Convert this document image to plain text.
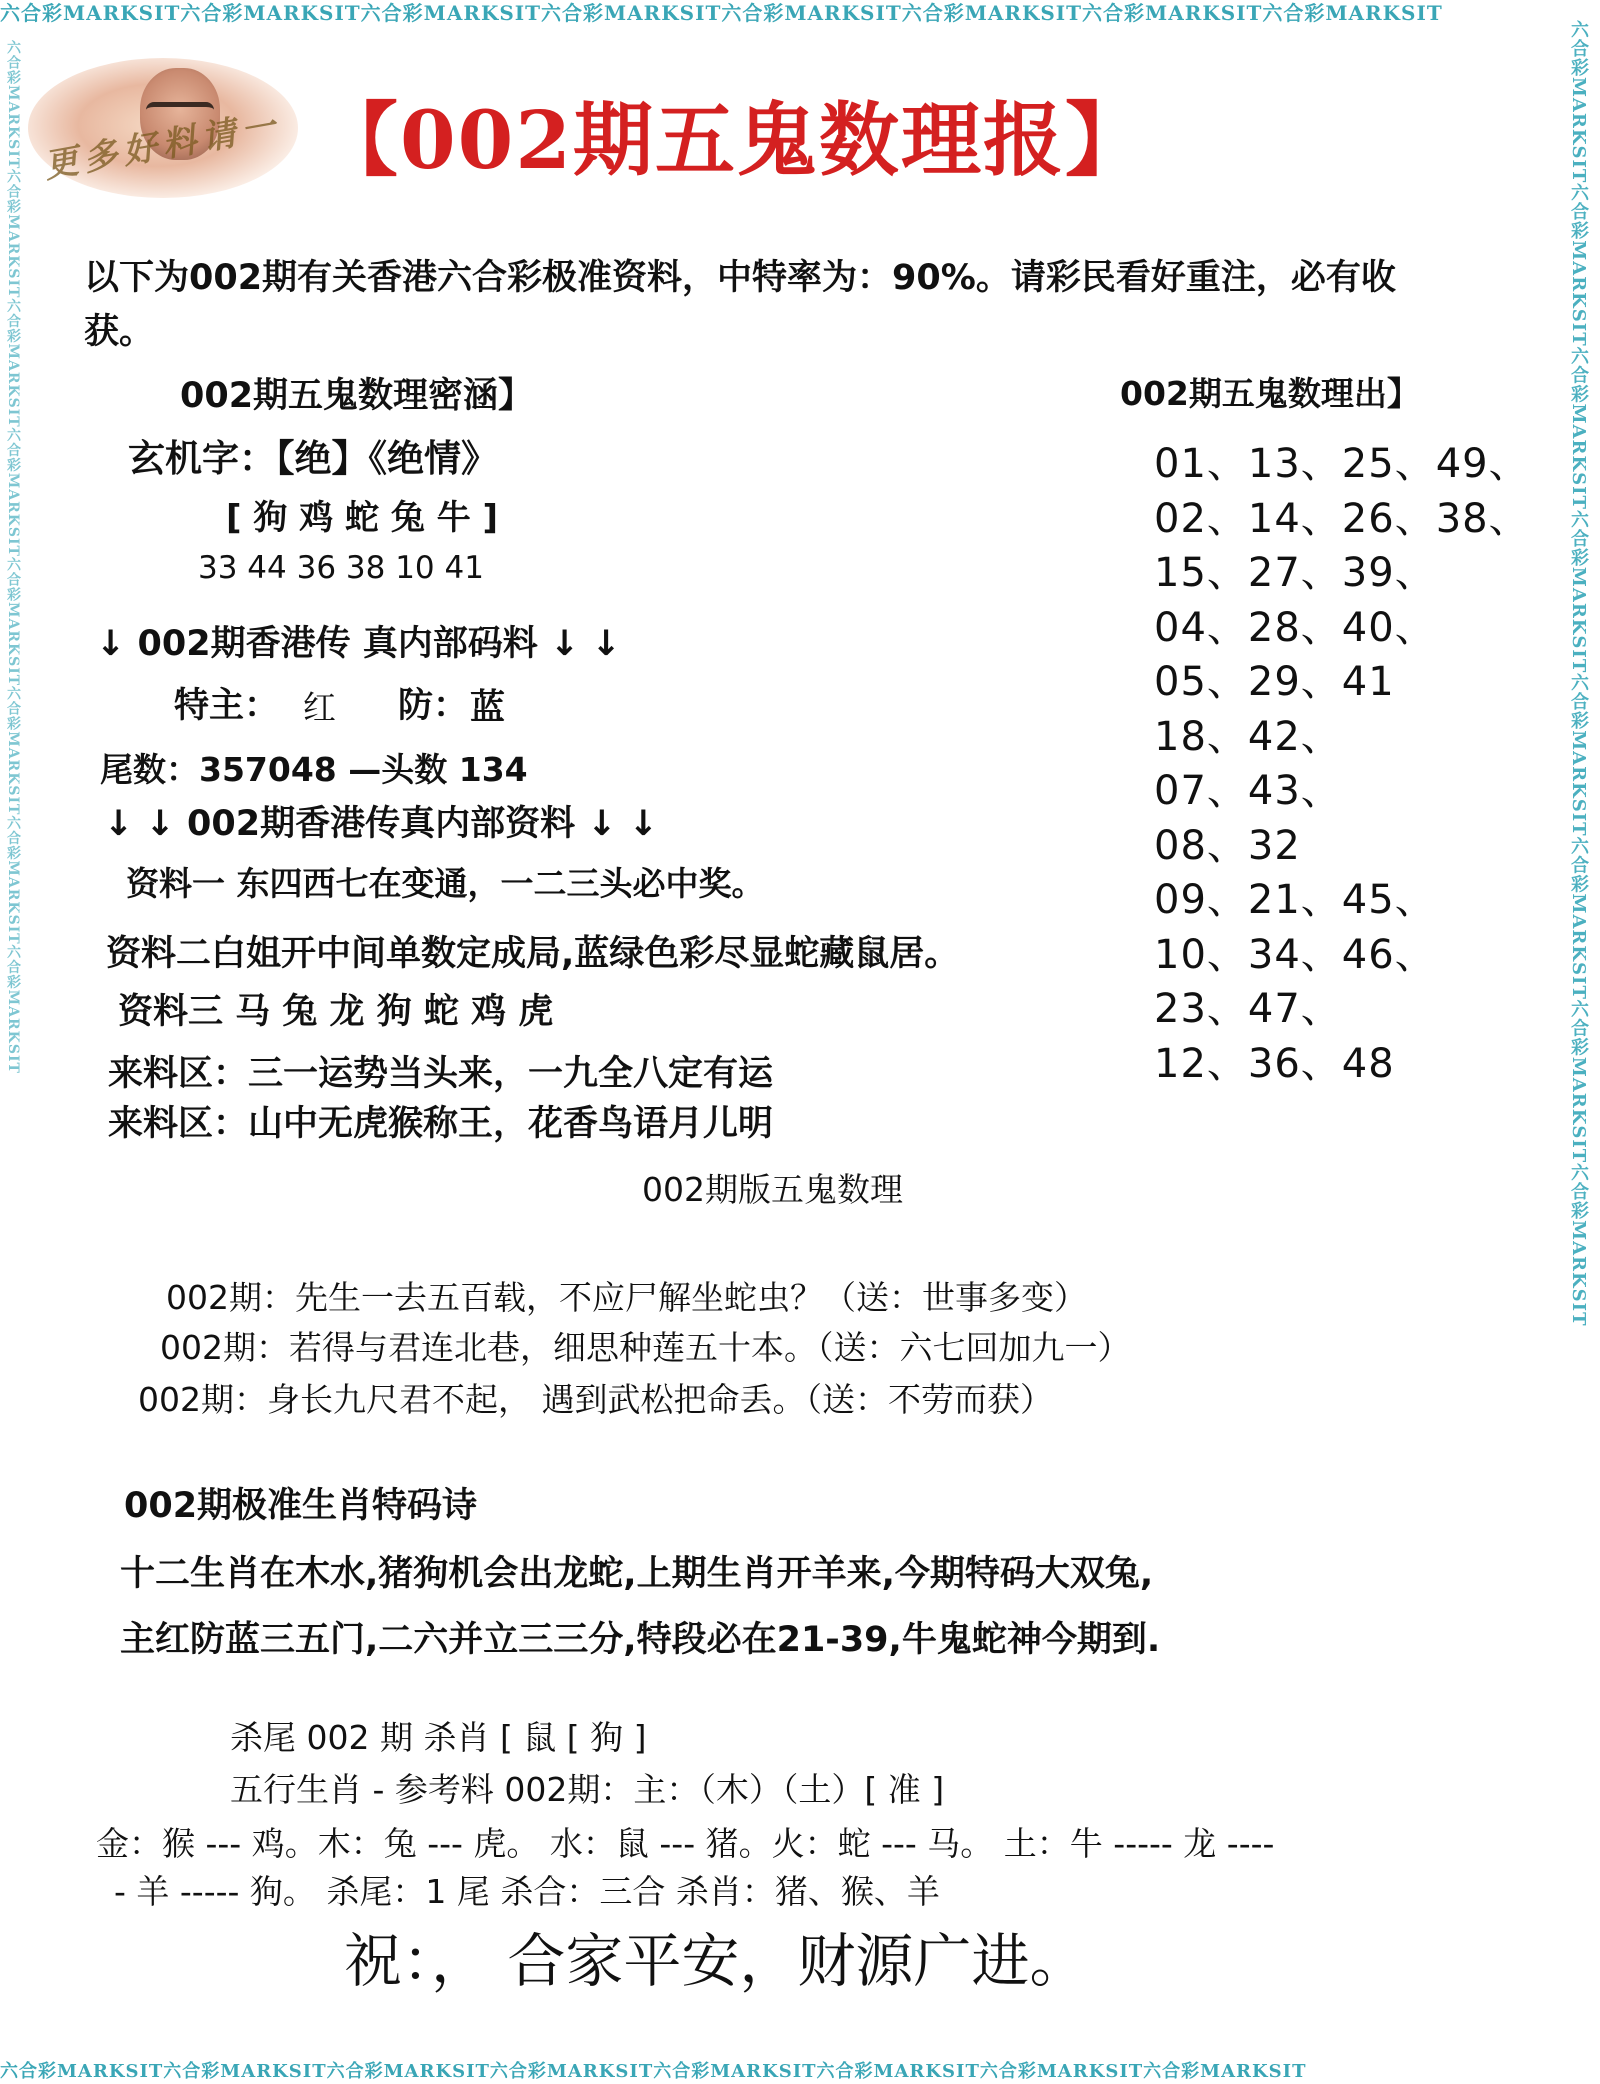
六合彩MARKSIT六合彩MARKSIT六合彩MARKSIT六合彩MARKSIT六合彩MARKSIT六合彩MARKSIT六合彩MARKSIT六合彩MARKSIT
六合彩MARKSIT六合彩MARKSIT六合彩MARKSIT六合彩MARKSIT六合彩MARKSIT六合彩MARKSIT六合彩MARKSIT六合彩MARKSIT
六合彩MARKSIT六合彩MARKSIT六合彩MARKSIT六合彩MARKSIT六合彩MARKSIT六合彩MARKSIT六合彩MARKSIT六合彩MARKSIT
六合彩MARKSIT六合彩MARKSIT六合彩MARKSIT六合彩MARKSIT六合彩MARKSIT六合彩MARKSIT六合彩MARKSIT六合彩MARKSIT 更多好料请一 【002期五鬼数理报】
以下为002期有关香港六合彩极准资料，中特率为：90%。请彩民看好重注，必有收
获。
002期五鬼数理密涵】
玄机字：【绝】《绝情》
[ 狗 鸡 蛇 兔 牛 ]
33 44 36 38 10 41
↓ 002期香港传 真内部码料 ↓ ↓
特主： 红 防： 蓝
尾数：357048 —头数 134
↓ ↓ 002期香港传真内部资料 ↓ ↓
资料一 东四西七在变通，一二三头必中奖。
资料二白姐开中间单数定成局,蓝绿色彩尽显蛇藏鼠居。
资料三 马 兔 龙 狗 蛇 鸡 虎
来料区：三一运势当头来，一九全八定有运
来料区：山中无虎猴称王，花香鸟语月儿明
002期五鬼数理出】
01、13、25、49、
02、14、26、38、
15、27、39、
04、28、40、
05、29、41
18、42、
07、43、
08、32
09、21、45、
10、34、46、
23、47、
12、36、48
002期版五鬼数理
002期：先生一去五百载，不应尸解坐蛇虫？（送：世事多变）
002期：若得与君连北巷，细思种莲五十本。（送：六七回加九一）
002期：身长九尺君不起， 遇到武松把命丢。（送：不劳而获）
002期极准生肖特码诗
十二生肖在木水,猪狗机会出龙蛇,上期生肖开羊来,今期特码大双兔,
主红防蓝三五门,二六并立三三分,特段必在21-39,牛鬼蛇神今期到.
杀尾 002 期 杀肖 [ 鼠 [ 狗 ]
五行生肖 - 参考料 002期：主：（木）（土）[ 准 ]
金：猴 --- 鸡。木：兔 --- 虎。 水：鼠 --- 猪。火：蛇 --- 马。 土：牛 ----- 龙 ----
- 羊 ----- 狗。 杀尾：1 尾 杀合：三合 杀肖：猪、猴、羊
祝：， 合家平安，财源广进。
